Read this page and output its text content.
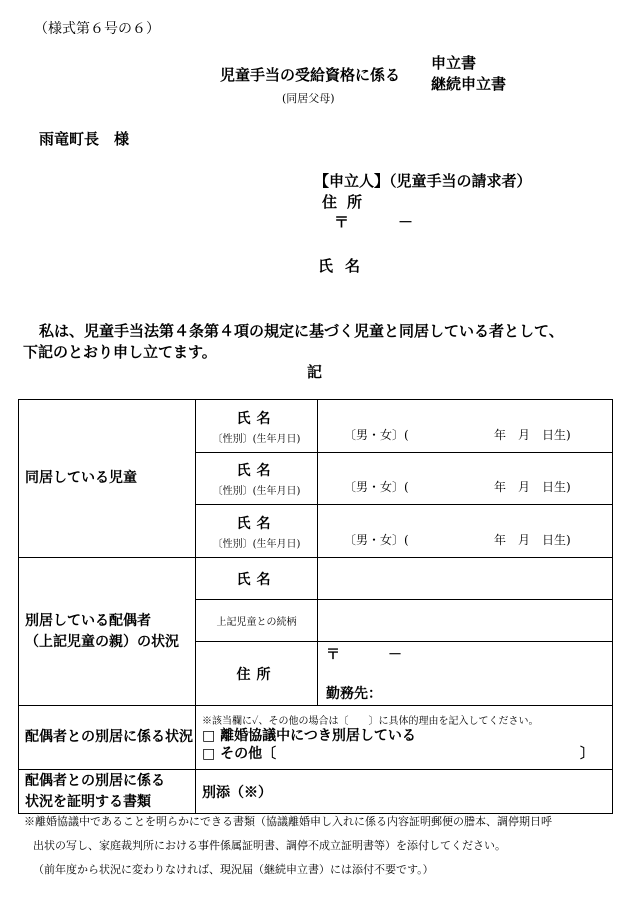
（様式第６号の６）
児童手当の受給資格に係る
申立書
継続申立書
(同居父母)
雨竜町長　様
【申立人】（児童手当の請求者）
住所
〒	－
氏名
私は、児童手当法第４条第４項の規定に基づく児童と同居している者として、
下記のとおり申し立てます。
記
同居している児童	氏名
〔性別〕(生年月日)	〔男・女〕( 年　月　日生)

	氏名
〔性別〕(生年月日)	〔男・女〕( 年　月　日生)

	氏名
〔性別〕(生年月日)	〔男・女〕( 年　月　日生)

別居している配偶者
（上記児童の親）の状況	氏名	

	上記児童との続柄	

	住所	〒 －
勤務先：

配偶者との別居に係る状況	※該当欄に✓、その他の場合は〔　　〕に具体的理由を記入してください。
□ 離婚協議中につき別居している
□ その他〔 〕	

配偶者との別居に係る
状況を証明する書類	別添（※）	
※離婚協議中であることを明らかにできる書類（協議離婚申し入れに係る内容証明郵便の謄本、調停期日呼
出状の写し、家庭裁判所における事件係属証明書、調停不成立証明書等）を添付してください。
（前年度から状況に変わりなければ、現況届（継続申立書）には添付不要です。）
